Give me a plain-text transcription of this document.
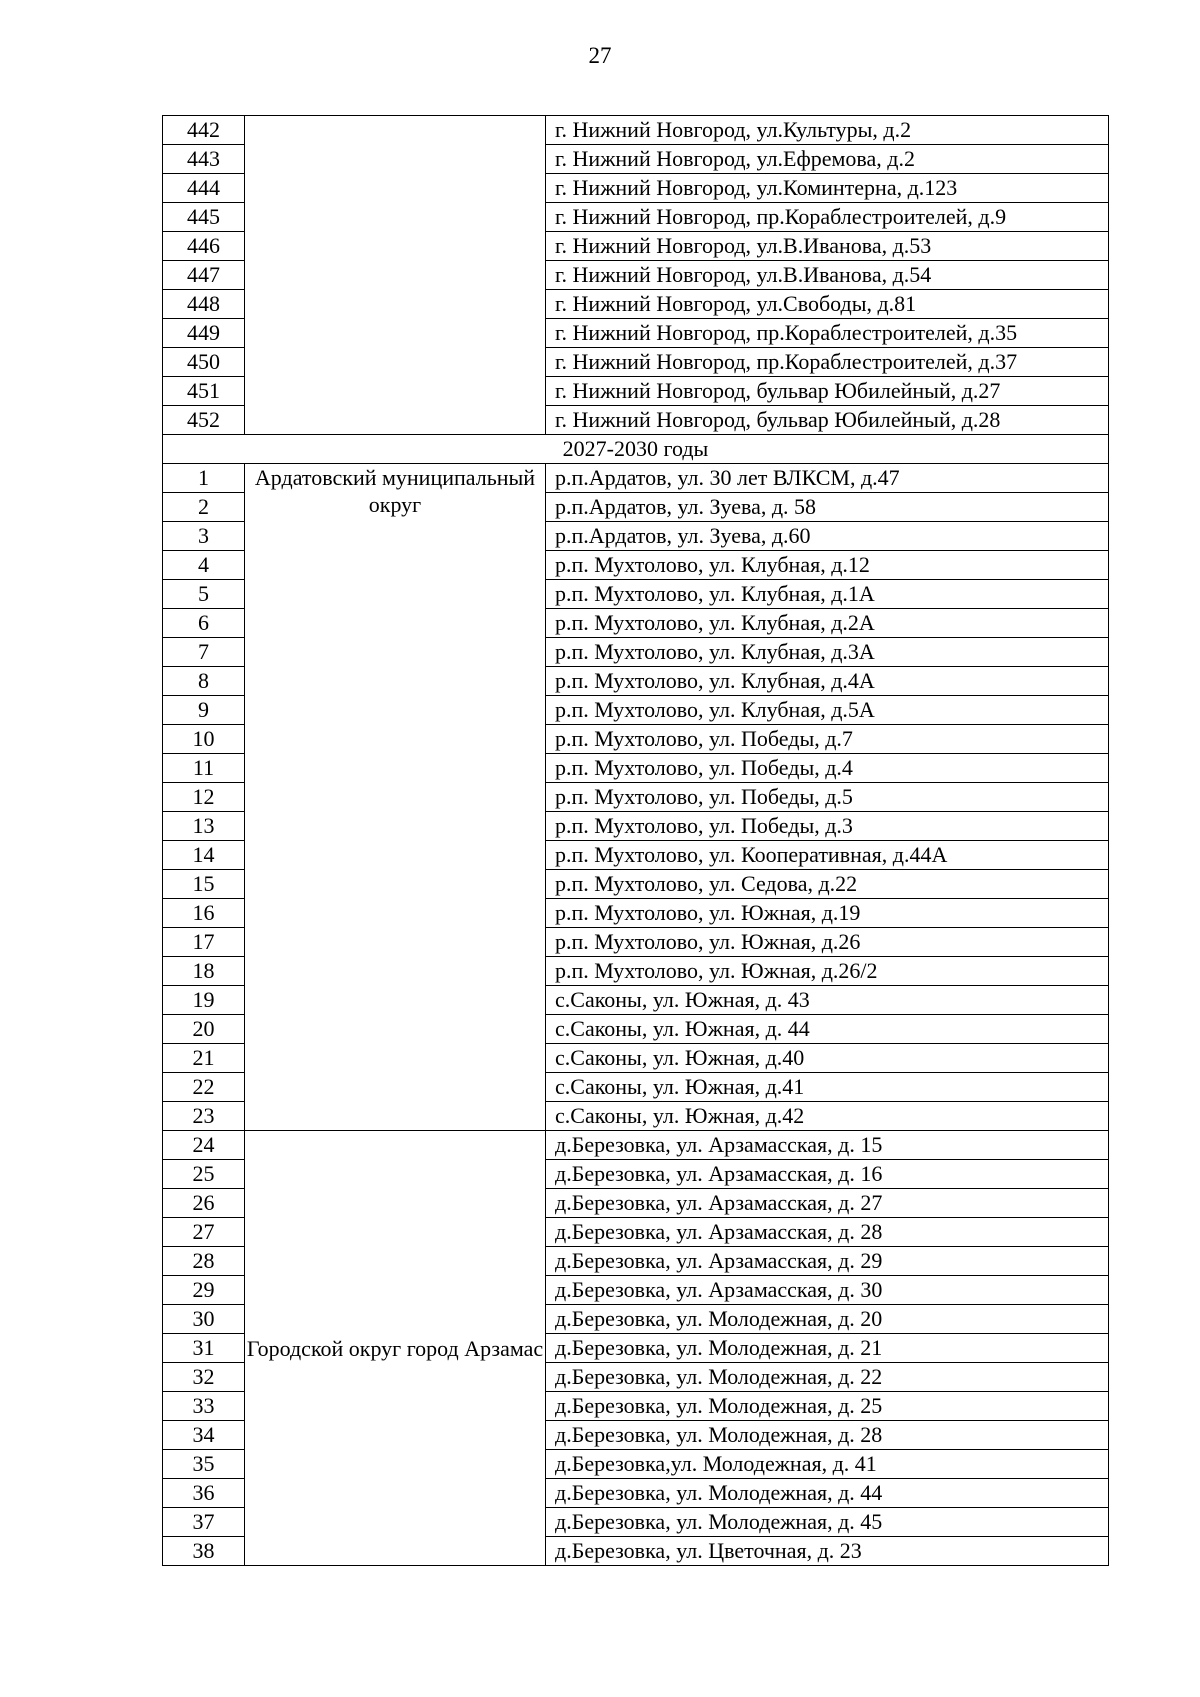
27
442		г. Нижний Новгород, ул.Культуры, д.2
443		г. Нижний Новгород, ул.Ефремова, д.2
444		г. Нижний Новгород, ул.Коминтерна, д.123
445		г. Нижний Новгород, пр.Кораблестроителей, д.9
446		г. Нижний Новгород, ул.В.Иванова, д.53
447		г. Нижний Новгород, ул.В.Иванова, д.54
448		г. Нижний Новгород, ул.Свободы, д.81
449		г. Нижний Новгород, пр.Кораблестроителей, д.35
450		г. Нижний Новгород, пр.Кораблестроителей, д.37
451		г. Нижний Новгород, бульвар Юбилейный, д.27
452		г. Нижний Новгород, бульвар Юбилейный, д.28
2027-2030 годы		
1	Ардатовский муниципальный округ	р.п.Ардатов, ул. 30 лет ВЛКСМ, д.47
2		р.п.Ардатов, ул. Зуева, д. 58
3		р.п.Ардатов, ул. Зуева, д.60
4		р.п. Мухтолово, ул. Клубная, д.12
5		р.п. Мухтолово, ул. Клубная, д.1А
6		р.п. Мухтолово, ул. Клубная, д.2А
7		р.п. Мухтолово, ул. Клубная, д.3А
8		р.п. Мухтолово, ул. Клубная, д.4А
9		р.п. Мухтолово, ул. Клубная, д.5А
10		р.п. Мухтолово, ул. Победы, д.7
11		р.п. Мухтолово, ул. Победы, д.4
12		р.п. Мухтолово, ул. Победы, д.5
13		р.п. Мухтолово, ул. Победы, д.3
14		р.п. Мухтолово, ул. Кооперативная, д.44А
15		р.п. Мухтолово, ул. Седова, д.22
16		р.п. Мухтолово, ул. Южная, д.19
17		р.п. Мухтолово, ул. Южная, д.26
18		р.п. Мухтолово, ул. Южная, д.26/2
19		с.Саконы, ул. Южная, д. 43
20		с.Саконы, ул. Южная, д. 44
21		с.Саконы, ул. Южная, д.40
22		с.Саконы, ул. Южная, д.41
23		с.Саконы, ул. Южная, д.42
24	Городской округ город Арзамас	д.Березовка, ул. Арзамасская, д. 15
25		д.Березовка, ул. Арзамасская, д. 16
26		д.Березовка, ул. Арзамасская, д. 27
27		д.Березовка, ул. Арзамасская, д. 28
28		д.Березовка, ул. Арзамасская, д. 29
29		д.Березовка, ул. Арзамасская, д. 30
30		д.Березовка, ул. Молодежная, д. 20
31		д.Березовка, ул. Молодежная, д. 21
32		д.Березовка, ул. Молодежная, д. 22
33		д.Березовка, ул. Молодежная, д. 25
34		д.Березовка, ул. Молодежная, д. 28
35		д.Березовка,ул. Молодежная, д. 41
36		д.Березовка, ул. Молодежная, д. 44
37		д.Березовка, ул. Молодежная, д. 45
38		д.Березовка, ул. Цветочная, д. 23
